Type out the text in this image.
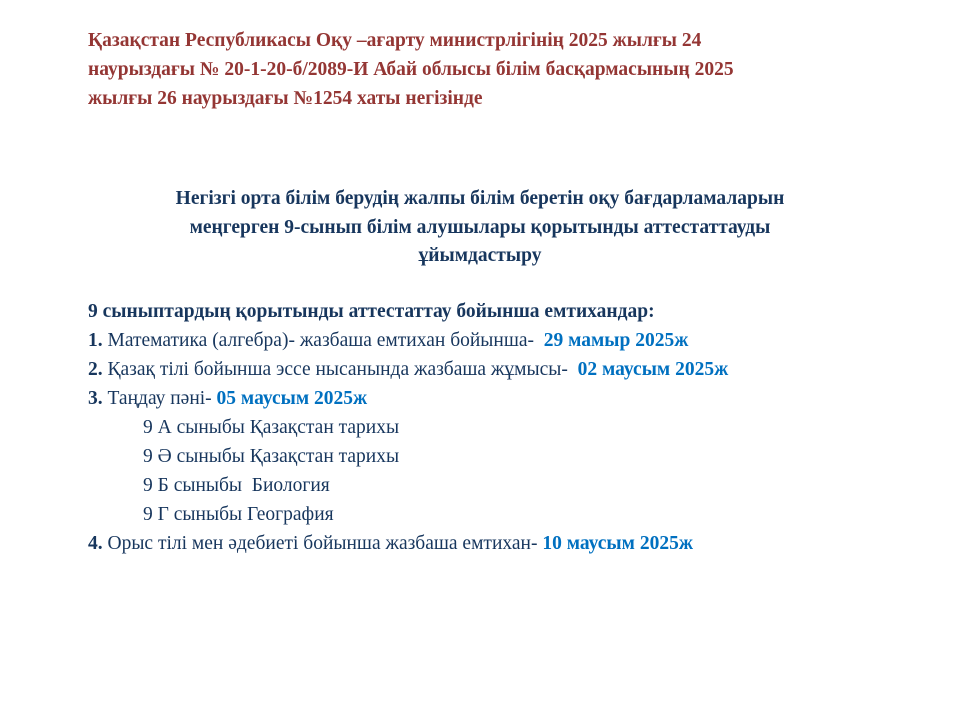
Қазақстан Республикасы Оқу –ағарту министрлігінің 2025 жылғы 24
наурыздағы № 20-1-20-б/2089-И Абай облысы білім басқармасының 2025
жылғы 26 наурыздағы №1254 хаты негізінде
Негізгі орта білім берудің жалпы білім беретін оқу бағдарламаларын
меңгерген 9-сынып білім алушылары қорытынды аттестаттауды
ұйымдастыру
9 сыныптардың қорытынды аттестаттау бойынша емтихандар:
1. Математика (алгебра)- жазбаша емтихан бойынша-  29 мамыр 2025ж
2. Қазақ тілі бойынша эссе нысанында жазбаша жұмысы-  02 маусым 2025ж
3. Таңдау пәні- 05 маусым 2025ж
9 А сыныбы Қазақстан тарихы
9 Ә сыныбы Қазақстан тарихы
9 Б сыныбы  Биология
9 Г сыныбы География
4. Орыс тілі мен әдебиеті бойынша жазбаша емтихан- 10 маусым 2025ж
